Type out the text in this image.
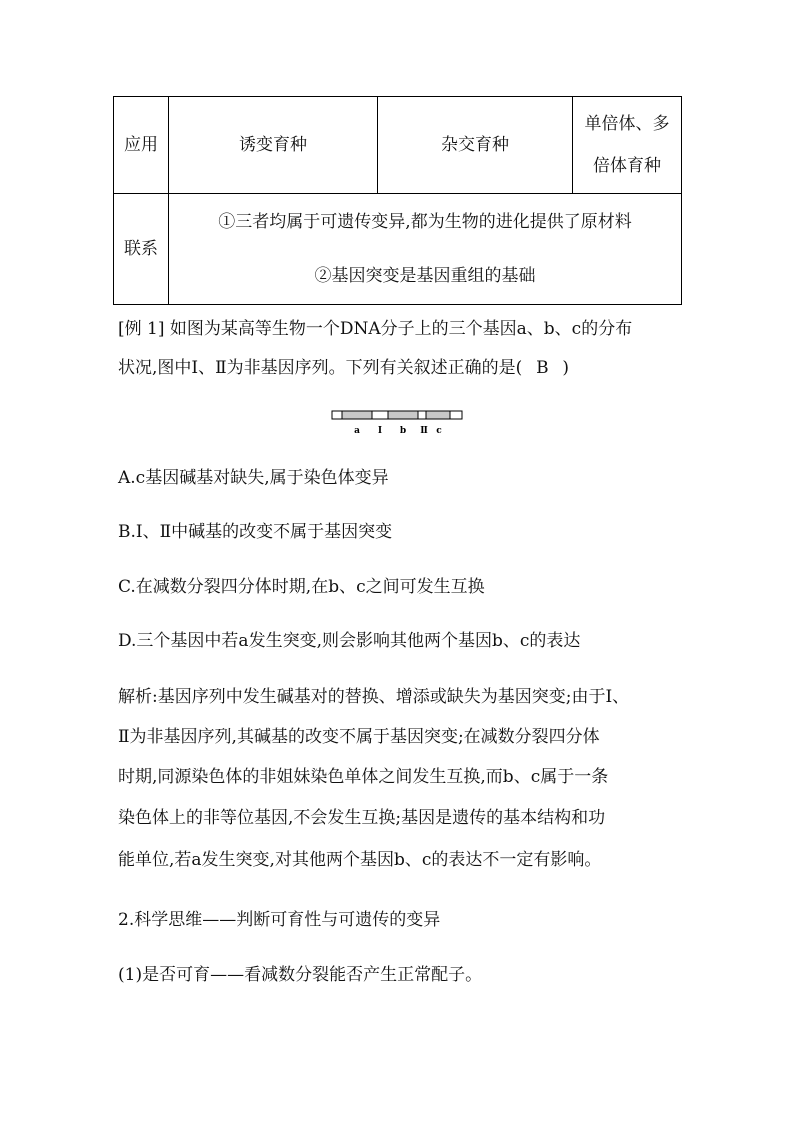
应用	诱变育种	杂交育种	单倍体、多
倍体育种

联系	①三者均属于可遗传变异,都为生物的进化提供了原材料
②基因突变是基因重组的基础		
[例 1] 如图为某高等生物一个DNA分子上的三个基因a、b、c的分布
状况,图中Ⅰ、Ⅱ为非基因序列。下列有关叙述正确的是( B )
a Ⅰ b Ⅱ c
A.c基因碱基对缺失,属于染色体变异
B.Ⅰ、Ⅱ中碱基的改变不属于基因突变
C.在减数分裂四分体时期,在b、c之间可发生互换
D.三个基因中若a发生突变,则会影响其他两个基因b、c的表达
解析:基因序列中发生碱基对的替换、增添或缺失为基因突变;由于Ⅰ、
Ⅱ为非基因序列,其碱基的改变不属于基因突变;在减数分裂四分体
时期,同源染色体的非姐妹染色单体之间发生互换,而b、c属于一条
染色体上的非等位基因,不会发生互换;基因是遗传的基本结构和功
能单位,若a发生突变,对其他两个基因b、c的表达不一定有影响。
2.科学思维——判断可育性与可遗传的变异
(1)是否可育——看减数分裂能否产生正常配子。
